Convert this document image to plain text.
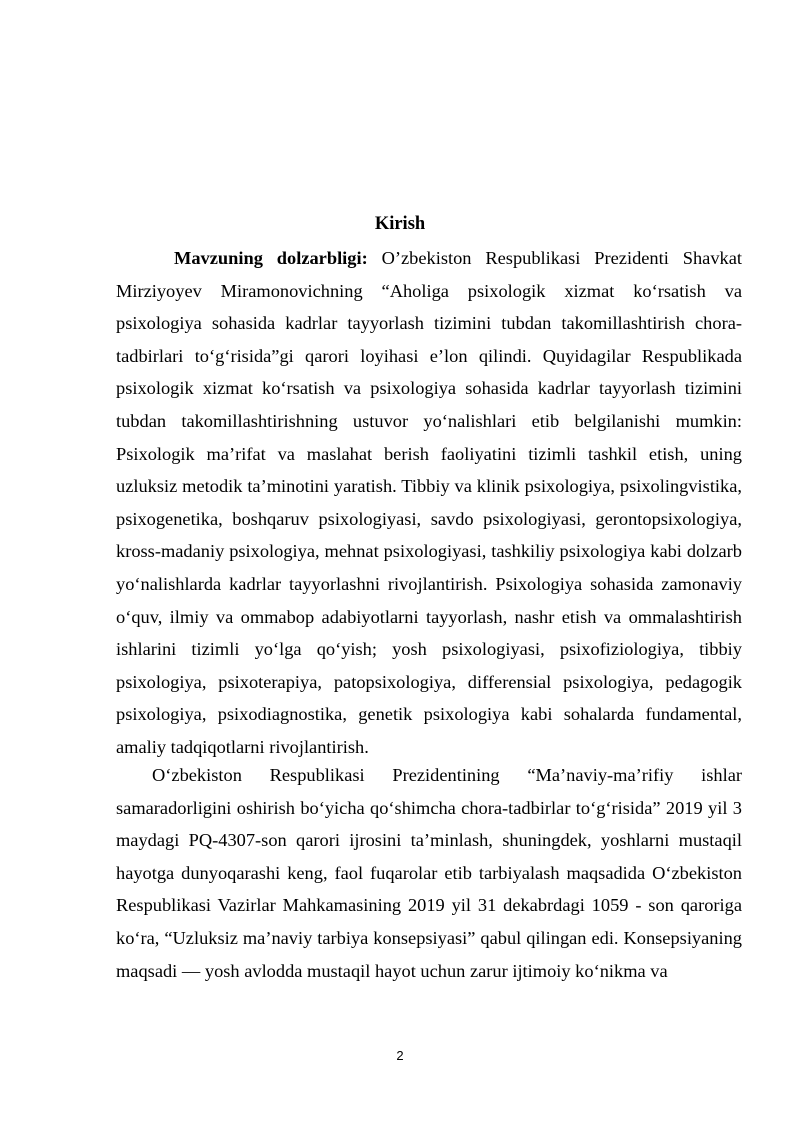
Kirish

Mavzuning dolzarbligi: O’zbekiston Respublikasi Prezidenti Shavkat Mirziyoyev Miramonovichning “Aholiga psixologik xizmat ko‘rsatish va psixologiya sohasida kadrlar tayyorlash tizimini tubdan takomillashtirish chora-tadbirlari to‘g‘risida”gi qarori loyihasi e’lon qilindi. Quyidagilar Respublikada psixologik xizmat ko‘rsatish va psixologiya sohasida kadrlar tayyorlash tizimini tubdan takomillashtirishning ustuvor yo‘nalishlari etib belgilanishi mumkin: Psixologik ma’rifat va maslahat berish faoliyatini tizimli tashkil etish, uning uzluksiz metodik ta’minotini yaratish. Tibbiy va klinik psixologiya, psixolingvistika, psixogenetika, boshqaruv psixologiyasi, savdo psixologiyasi, gerontopsixologiya, kross-madaniy psixologiya, mehnat psixologiyasi, tashkiliy psixologiya kabi dolzarb yo‘nalishlarda kadrlar tayyorlashni rivojlantirish. Psixologiya sohasida zamonaviy o‘quv, ilmiy va ommabop adabiyotlarni tayyorlash, nashr etish va ommalashtirish ishlarini tizimli yo‘lga qo‘yish; yosh psixologiyasi, psixofiziologiya, tibbiy psixologiya, psixoterapiya, patopsixologiya, differensial psixologiya, pedagogik psixologiya, psixodiagnostika, genetik psixologiya kabi sohalarda fundamental, amaliy tadqiqotlarni rivojlantirish.

O‘zbekiston Respublikasi Prezidentining “Ma’naviy-ma’rifiy ishlar samaradorligini oshirish bo‘yicha qo‘shimcha chora-tadbirlar to‘g‘risida” 2019 yil 3 maydagi PQ-4307-son qarori ijrosini ta’minlash, shuningdek, yoshlarni mustaqil hayotga dunyoqarashi keng, faol fuqarolar etib tarbiyalash maqsadida O‘zbekiston Respublikasi Vazirlar Mahkamasining 2019 yil 31 dekabrdagi 1059 - son qaroriga ko‘ra, “Uzluksiz ma’naviy tarbiya konsepsiyasi” qabul qilingan edi. Konsepsiyaning maqsadi — yosh avlodda mustaqil hayot uchun zarur ijtimoiy ko‘nikma va

2
